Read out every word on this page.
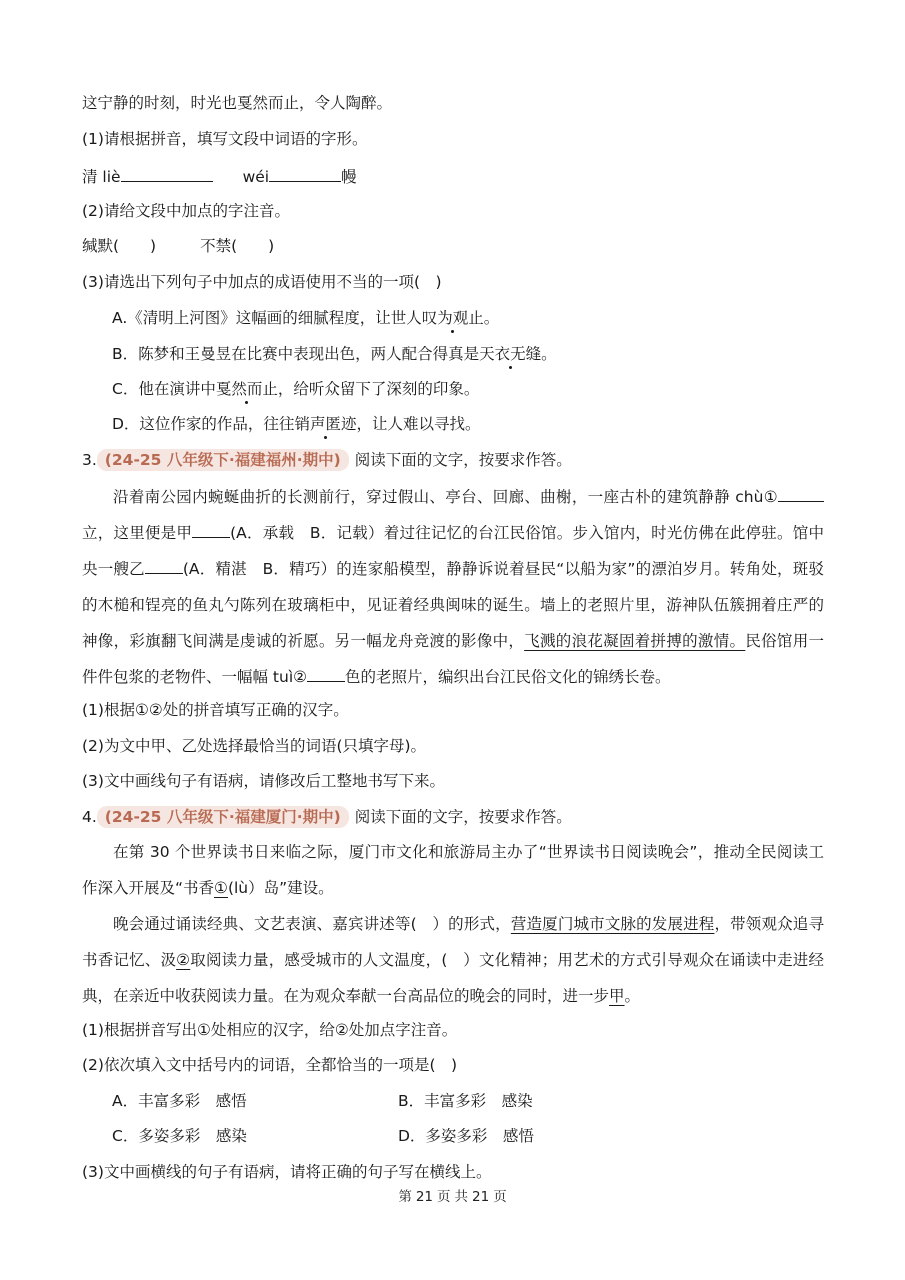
这宁静的时刻，时光也戛然而止，令人陶醉。
(1)请根据拼音，填写文段中词语的字形。
清 liè	wéi	幔
(2)请给文段中加点的字注音。
缄默(　　)	不禁(　　)
(3)请选出下列句子中加点的成语使用不当的一项(　)
A.《清明上河图》这幅画的细腻程度，让世人叹为观止。
B．陈梦和王曼昱在比赛中表现出色，两人配合得真是天衣无缝。
C．他在演讲中戛然而止，给听众留下了深刻的印象。
D．这位作家的作品，往往销声匿迹，让人难以寻找。
3. (24-25 八年级下·福建福州·期中) 阅读下面的文字，按要求作答。

沿着南公园内蜿蜒曲折的长测前行，穿过假山、亭台、回廊、曲榭，一座古朴的建筑静静 chù①立，这里便是甲 (A．承载　B．记载）着过往记忆的台江民俗馆。步入馆内，时光仿佛在此停驻。馆中央一艘乙 (A．精湛　B．精巧）的连家船模型，静静诉说着昼民“以船为家”的漂泊岁月。转角处，斑驳的木槌和锃亮的鱼丸勺陈列在玻璃柜中，见证着经典闽味的诞生。墙上的老照片里，游神队伍簇拥着庄严的神像，彩旗翻飞间满是虔诚的祈愿。另一幅龙舟竞渡的影像中，飞溅的浪花凝固着拼搏的激情。民俗馆用一件件包浆的老物件、一幅幅 tuì② 色的老照片，编织出台江民俗文化的锦绣长卷。

(1)根据①②处的拼音填写正确的汉字。
(2)为文中甲、乙处选择最恰当的词语(只填字母)。
(3)文中画线句子有语病，请修改后工整地书写下来。
4. (24-25 八年级下·福建厦门·期中) 阅读下面的文字，按要求作答。

在第 30 个世界读书日来临之际，厦门市文化和旅游局主办了“世界读书日阅读晚会”，推动全民阅读工作深入开展及“书香①(lù）岛”建设。

晚会通过诵读经典、文艺表演、嘉宾讲述等(　）的形式，营造厦门城市文脉的发展进程，带领观众追寻书香记忆、汲②取阅读力量，感受城市的人文温度，(　）文化精神；用艺术的方式引导观众在诵读中走进经典，在亲近中收获阅读力量。在为观众奉献一台高品位的晚会的同时，进一步甲。

(1)根据拼音写出①处相应的汉字，给②处加点字注音。
(2)依次填入文中括号内的词语，全都恰当的一项是(　)
A．丰富多彩　感悟	B．丰富多彩　感染
C．多姿多彩　感染	D．多姿多彩　感悟
(3)文中画横线的句子有语病，请将正确的句子写在横线上。
第 21 页 共 21 页
